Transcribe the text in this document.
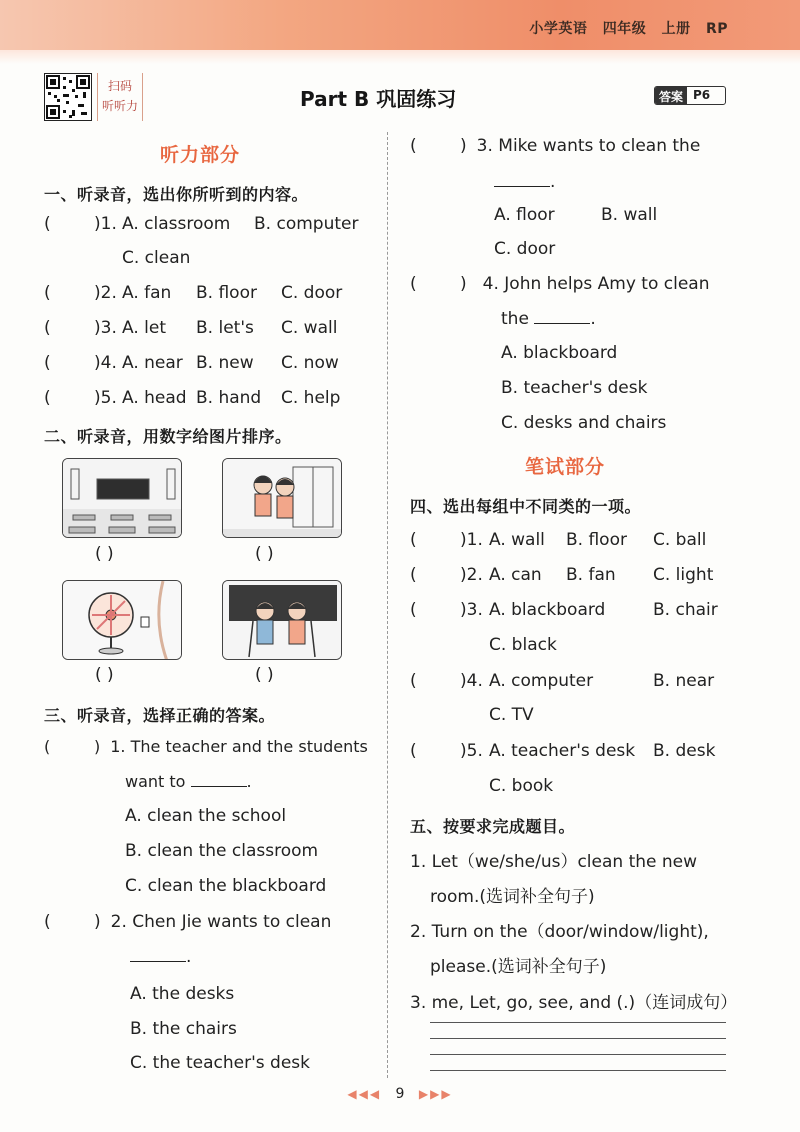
小学英语 四年级 上册 RP
扫码
听听力	Part B 巩固练习	答案 P6
听力部分
一、听录音，选出你所听到的内容。
(	)1. A. classroom B. computer
C. clean
(	)2. A. fan B. floor C. door
(	)3. A. let B. let's C. wall
(	)4. A. near B. new C. now
(	)5. A. head B. hand C. help
二、听录音，用数字给图片排序。
( )	( )
( )	( )
三、听录音，选择正确的答案。
(	) 1. The teacher and the students
want to	.
A. clean the school
B. clean the classroom
C. clean the blackboard
(	) 2. Chen Jie wants to clean
.
A. the desks
B. the chairs
C. the teacher's desk
(	) 3. Mike wants to clean the
.
A. floor	B. wall
C. door
(	) 4. John helps Amy to clean
the	.
A. blackboard
B. teacher's desk
C. desks and chairs
笔试部分
四、选出每组中不同类的一项。
(	)1. A. wall B. floor C. ball
(	)2. A. can B. fan C. light
(	)3. A. blackboard	B. chair
C. black
(	)4. A. computer	B. near
C. TV
(	)5. A. teacher's desk B. desk
C. book
五、按要求完成题目。
1. Let（we/she/us）clean the new
room.(选词补全句子)
2. Turn on the（door/window/light),
please.(选词补全句子)
3. me, Let, go, see, and (.)（连词成句）
◀◀◀ 9 ▶▶▶
